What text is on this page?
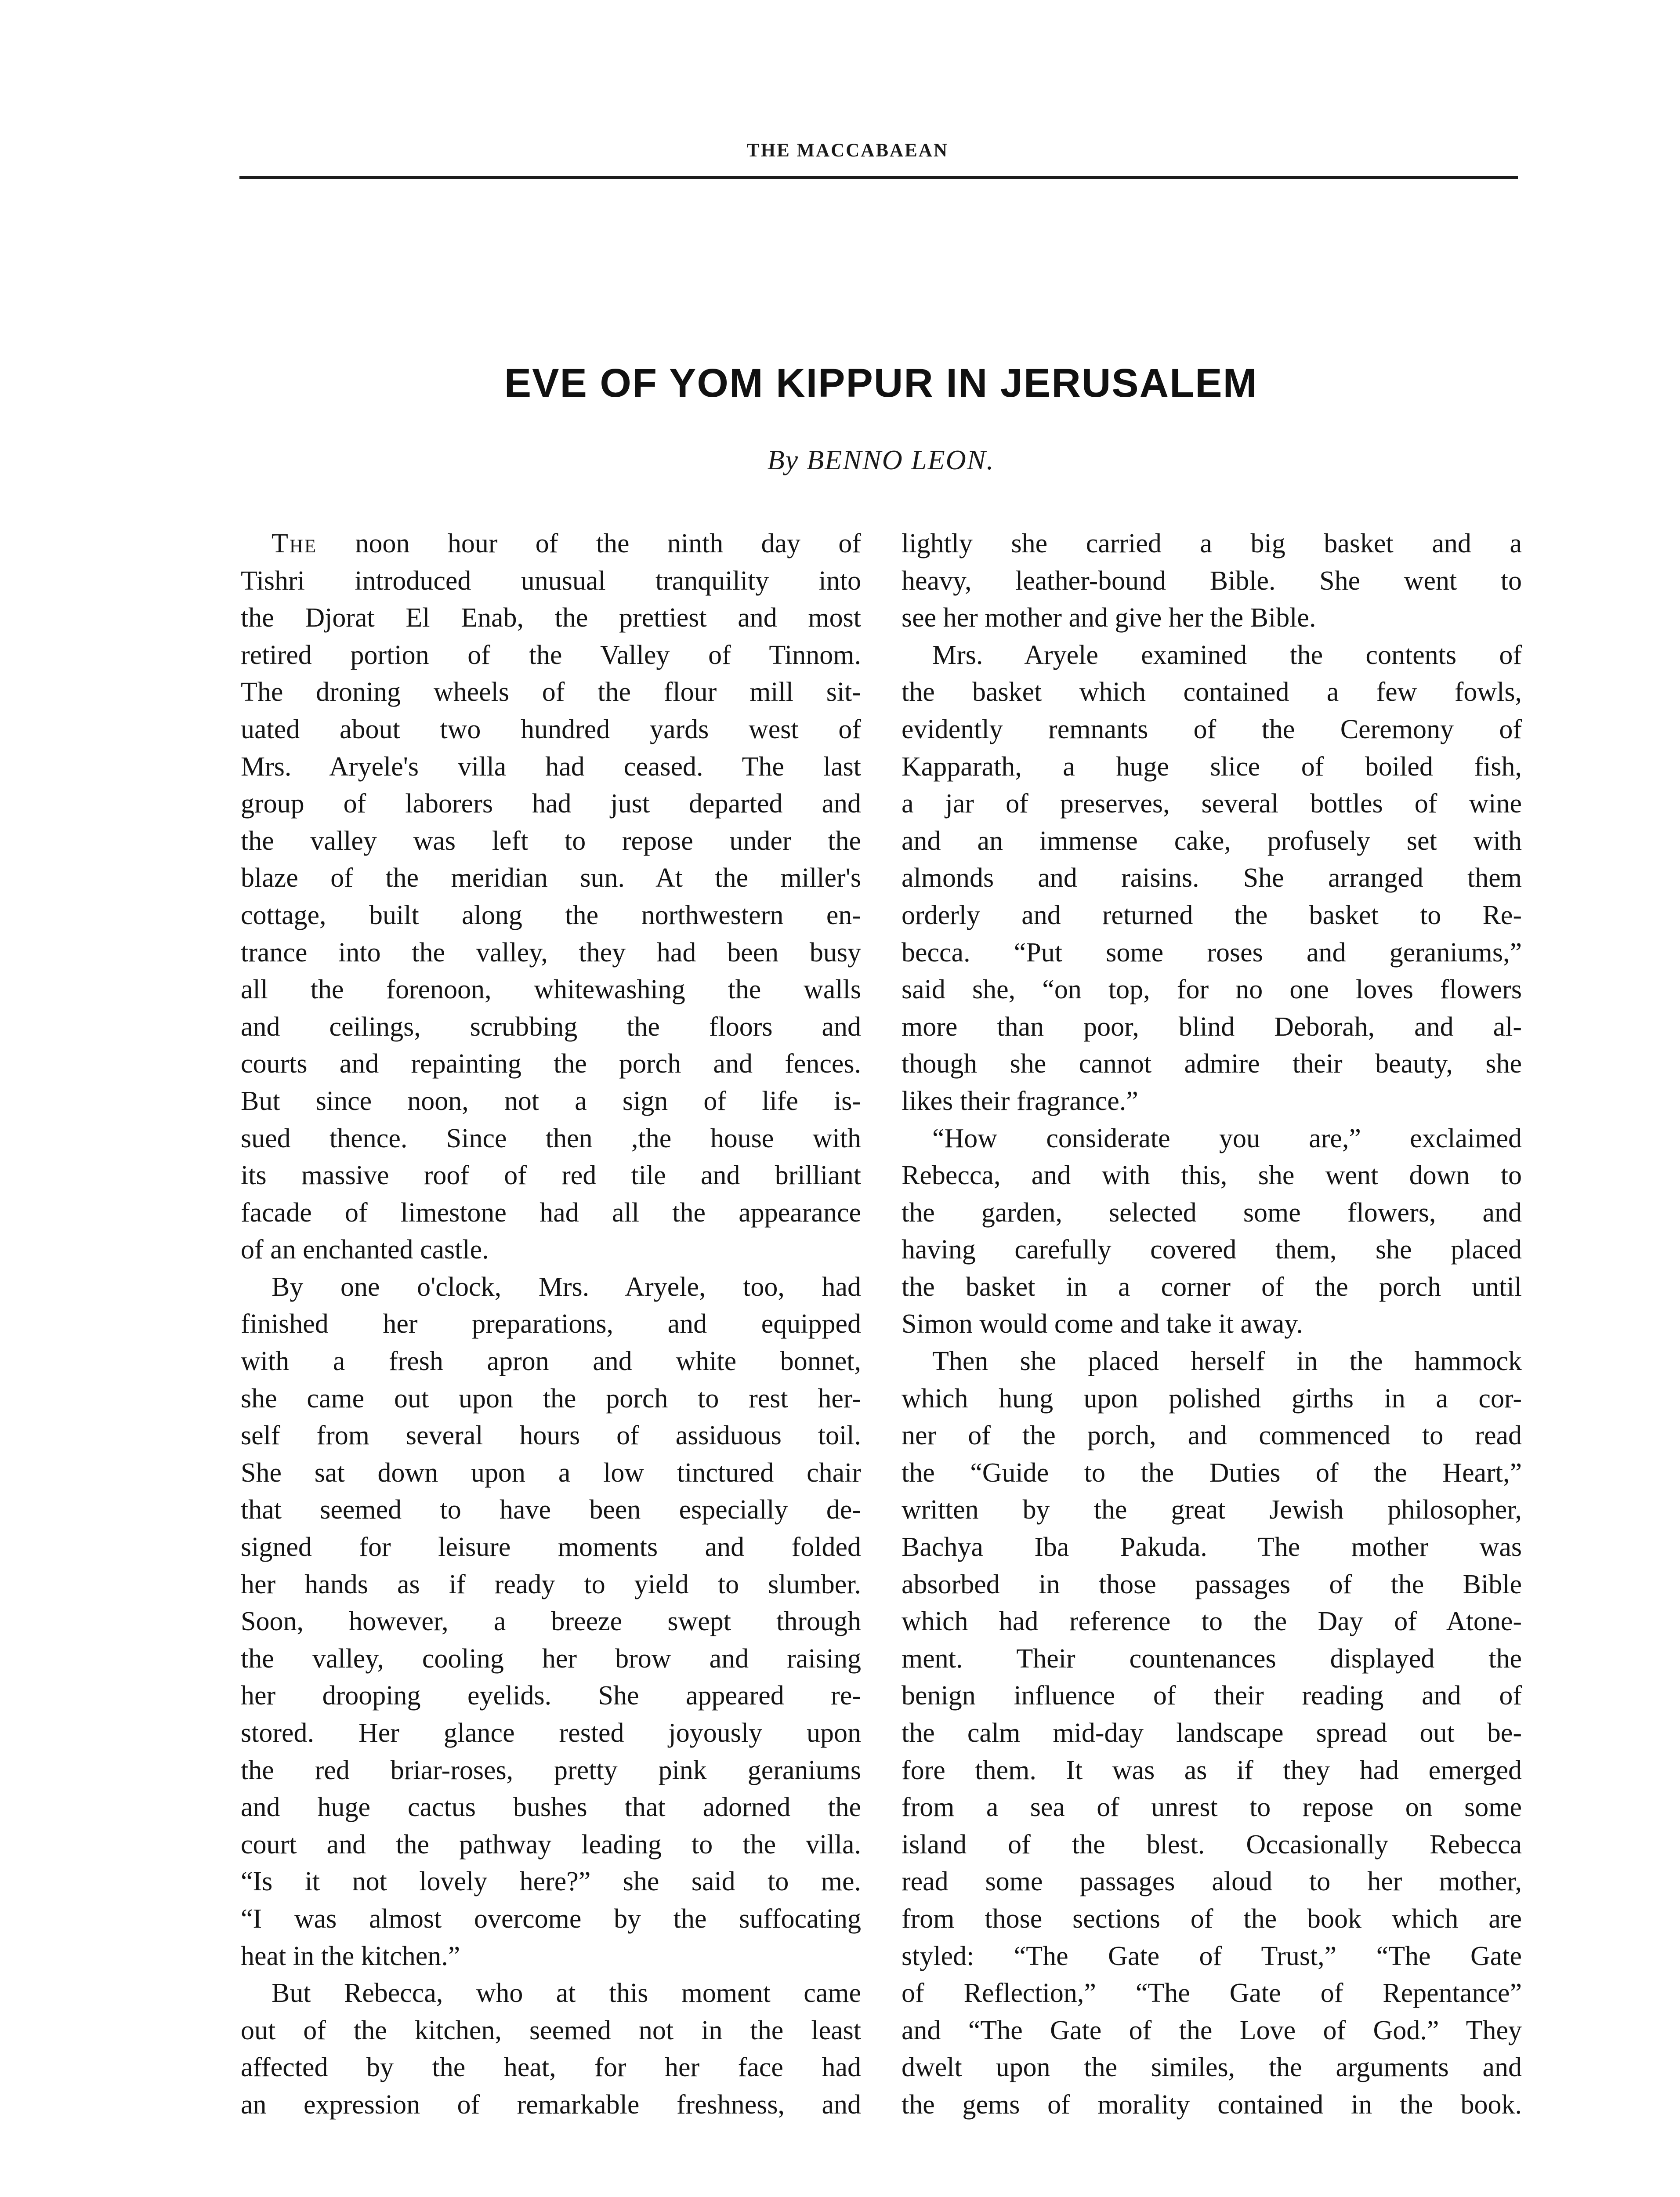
THE MACCABAEAN
EVE OF YOM KIPPUR IN JERUSALEM
By BENNO LEON.
The noon hour of the ninth day of
Tishri introduced unusual tranquility into
the Djorat El Enab, the prettiest and most
retired portion of the Valley of Tinnom.
The droning wheels of the flour mill sit-
uated about two hundred yards west of
Mrs. Aryele's villa had ceased. The last
group of laborers had just departed and
the valley was left to repose under the
blaze of the meridian sun. At the miller's
cottage, built along the northwestern en-
trance into the valley, they had been busy
all the forenoon, whitewashing the walls
and ceilings, scrubbing the floors and
courts and repainting the porch and fences.
But since noon, not a sign of life is-
sued thence. Since then ,the house with
its massive roof of red tile and brilliant
facade of limestone had all the appearance
of an enchanted castle.
By one o'clock, Mrs. Aryele, too, had
finished her preparations, and equipped
with a fresh apron and white bonnet,
she came out upon the porch to rest her-
self from several hours of assiduous toil.
She sat down upon a low tinctured chair
that seemed to have been especially de-
signed for leisure moments and folded
her hands as if ready to yield to slumber.
Soon, however, a breeze swept through
the valley, cooling her brow and raising
her drooping eyelids. She appeared re-
stored. Her glance rested joyously upon
the red briar-roses, pretty pink geraniums
and huge cactus bushes that adorned the
court and the pathway leading to the villa.
“Is it not lovely here?” she said to me.
“I was almost overcome by the suffocating
heat in the kitchen.”
But Rebecca, who at this moment came
out of the kitchen, seemed not in the least
affected by the heat, for her face had
an expression of remarkable freshness, and
lightly she carried a big basket and a
heavy, leather-bound Bible. She went to
see her mother and give her the Bible.
Mrs. Aryele examined the contents of
the basket which contained a few fowls,
evidently remnants of the Ceremony of
Kapparath, a huge slice of boiled fish,
a jar of preserves, several bottles of wine
and an immense cake, profusely set with
almonds and raisins. She arranged them
orderly and returned the basket to Re-
becca. “Put some roses and geraniums,”
said she, “on top, for no one loves flowers
more than poor, blind Deborah, and al-
though she cannot admire their beauty, she
likes their fragrance.”
“How considerate you are,” exclaimed
Rebecca, and with this, she went down to
the garden, selected some flowers, and
having carefully covered them, she placed
the basket in a corner of the porch until
Simon would come and take it away.
Then she placed herself in the hammock
which hung upon polished girths in a cor-
ner of the porch, and commenced to read
the “Guide to the Duties of the Heart,”
written by the great Jewish philosopher,
Bachya Iba Pakuda. The mother was
absorbed in those passages of the Bible
which had reference to the Day of Atone-
ment. Their countenances displayed the
benign influence of their reading and of
the calm mid-day landscape spread out be-
fore them. It was as if they had emerged
from a sea of unrest to repose on some
island of the blest. Occasionally Rebecca
read some passages aloud to her mother,
from those sections of the book which are
styled: “The Gate of Trust,” “The Gate
of Reflection,” “The Gate of Repentance”
and “The Gate of the Love of God.” They
dwelt upon the similes, the arguments and
the gems of morality contained in the book.
